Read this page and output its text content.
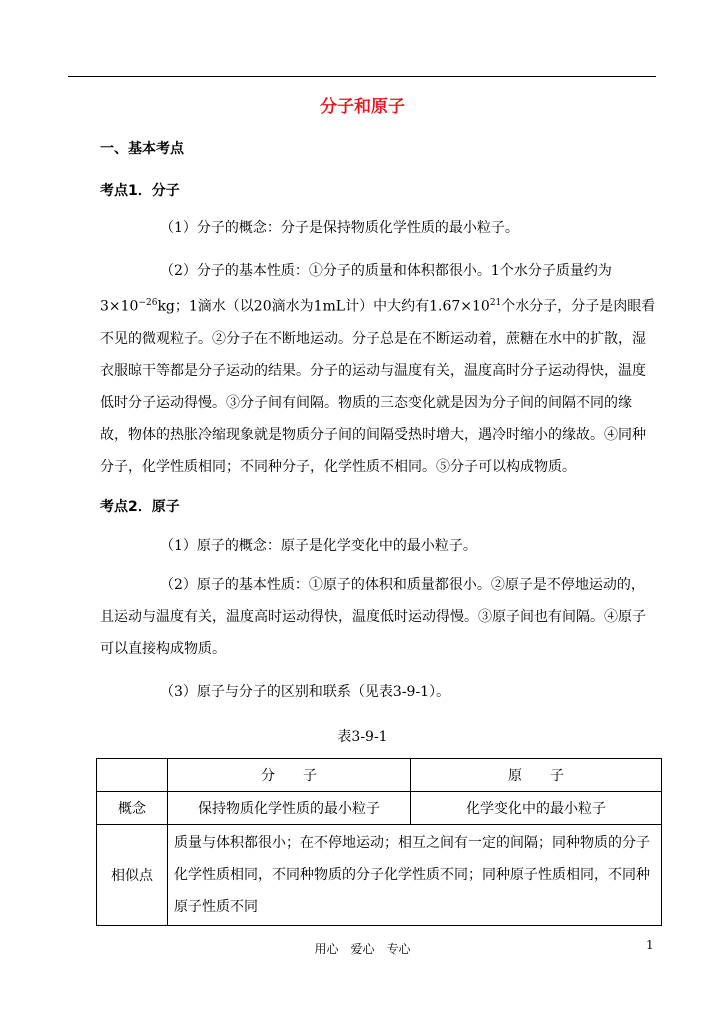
分子和原子
一、基本考点
考点1．分子
（1）分子的概念：分子是保持物质化学性质的最小粒子。
（2）分子的基本性质：①分子的质量和体积都很小。1个水分子质量约为$3\times 10^{-26}kg$；1滴水（以20滴水为1mL计）中大约有$1.67\times 10^{21}$个水分子，分子是肉眼看不见的微观粒子。②分子在不断地运动。分子总是在不断运动着，蔗糖在水中的扩散，湿衣服晾干等都是分子运动的结果。分子的运动与温度有关，温度高时分子运动得快，温度低时分子运动得慢。③分子间有间隔。物质的三态变化就是因为分子间的间隔不同的缘故，物体的热胀冷缩现象就是物质分子间的间隔受热时增大，遇冷时缩小的缘故。④同种分子，化学性质相同；不同种分子，化学性质不相同。⑤分子可以构成物质。
考点2．原子
（1）原子的概念：原子是化学变化中的最小粒子。
（2）原子的基本性质：①原子的体积和质量都很小。②原子是不停地运动的，且运动与温度有关，温度高时运动得快，温度低时运动得慢。③原子间也有间隔。④原子可以直接构成物质。
（3）原子与分子的区别和联系（见表3-9-1）。
表3-9-1
	分　　子	原　　子
概念	保持物质化学性质的最小粒子	化学变化中的最小粒子
相似点	质量与体积都很小；在不停地运动；相互之间有一定的间隔；同种物质的分子化学性质相同，不同种物质的分子化学性质不同；同种原子性质相同，不同种原子性质不同	
用心　爱心　专心	1
